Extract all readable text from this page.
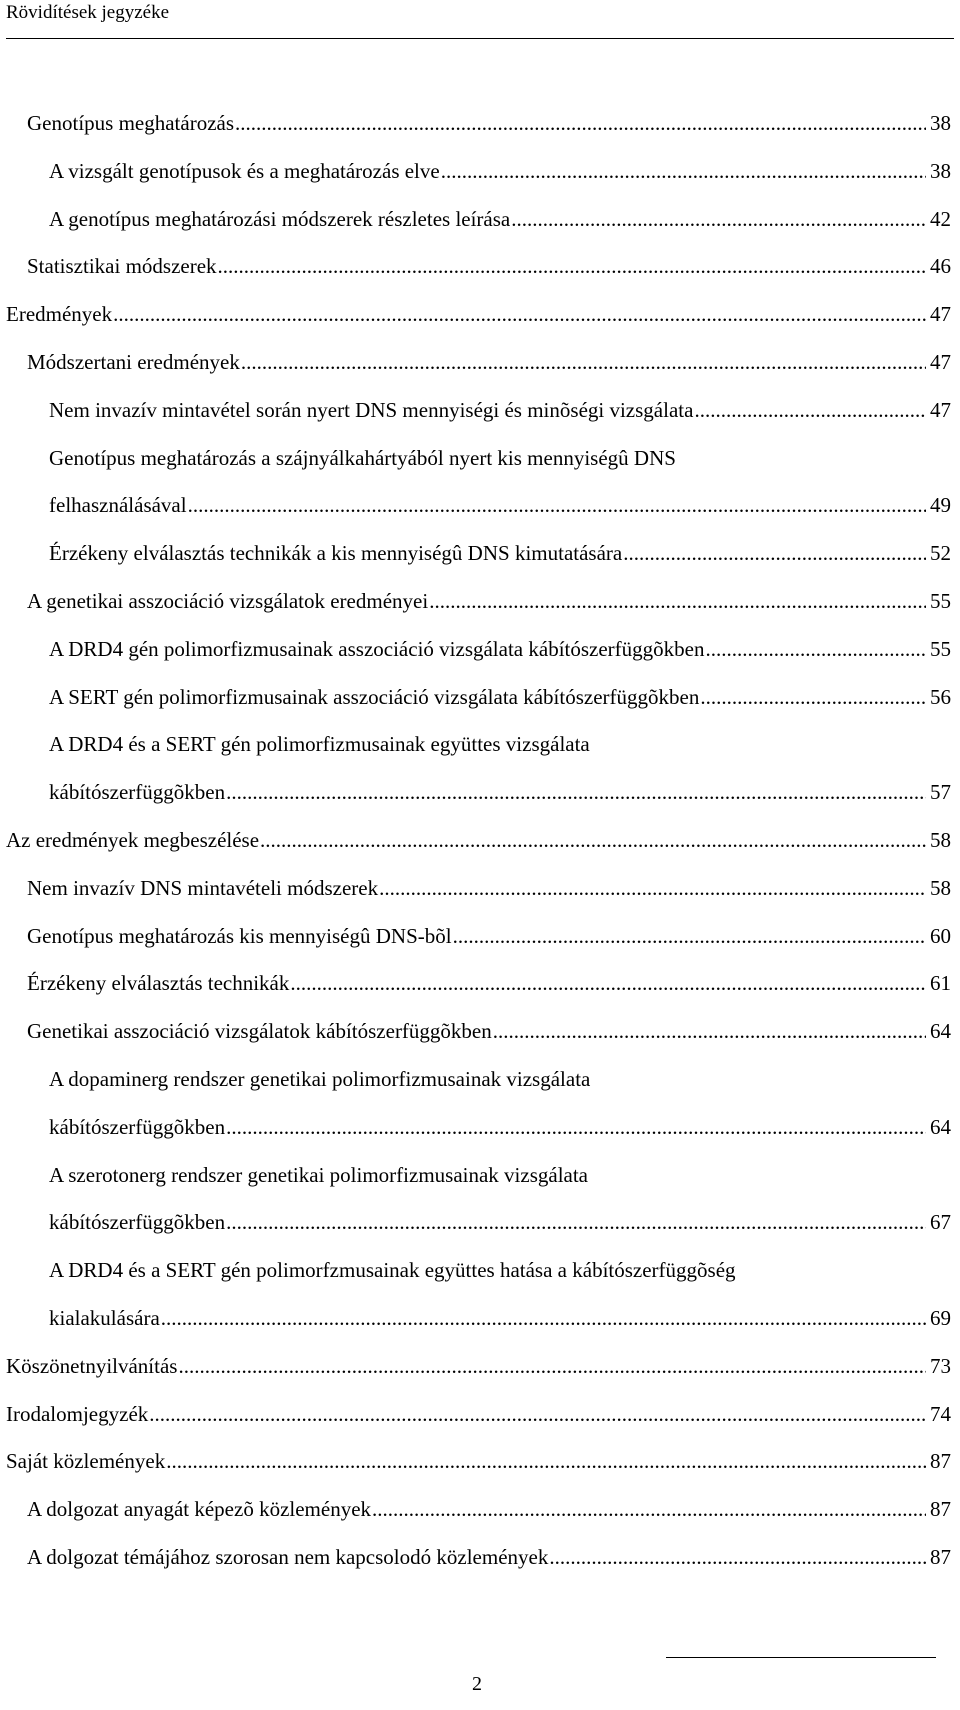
Rövidítések jegyzéke
Genotípus meghatározás .....	38
A vizsgált genotípusok és a meghatározás elve .....	38
A genotípus meghatározási módszerek részletes leírása .....	42
Statisztikai módszerek .....	46
Eredmények .....	47
Módszertani eredmények .....	47
Nem invazív mintavétel során nyert DNS mennyiségi és minõségi vizsgálata .....	47
Genotípus meghatározás a szájnyálkahártyából nyert kis mennyiségû DNS
felhasználásával .....	49
Érzékeny elválasztás technikák a kis mennyiségû DNS kimutatására .....	52
A genetikai asszociáció vizsgálatok eredményei .....	55
A DRD4 gén polimorfizmusainak asszociáció vizsgálata kábítószerfüggõkben .....	55
A SERT gén polimorfizmusainak asszociáció vizsgálata kábítószerfüggõkben .....	56
A DRD4 és a SERT gén polimorfizmusainak együttes vizsgálata
kábítószerfüggõkben .....	57
Az eredmények megbeszélése .....	58
Nem invazív DNS mintavételi módszerek .....	58
Genotípus meghatározás kis mennyiségû DNS-bõl .....	60
Érzékeny elválasztás technikák .....	61
Genetikai asszociáció vizsgálatok kábítószerfüggõkben .....	64
A dopaminerg rendszer genetikai polimorfizmusainak vizsgálata
kábítószerfüggõkben .....	64
A szerotonerg rendszer genetikai polimorfizmusainak vizsgálata
kábítószerfüggõkben .....	67
A DRD4 és a SERT gén polimorfzmusainak együttes hatása a kábítószerfüggõség
kialakulására .....	69
Köszönetnyilvánítás .....	73
Irodalomjegyzék .....	74
Saját közlemények .....	87
A dolgozat anyagát képezõ közlemények .....	87
A dolgozat témájához szorosan nem kapcsolodó közlemények .....	87
2
